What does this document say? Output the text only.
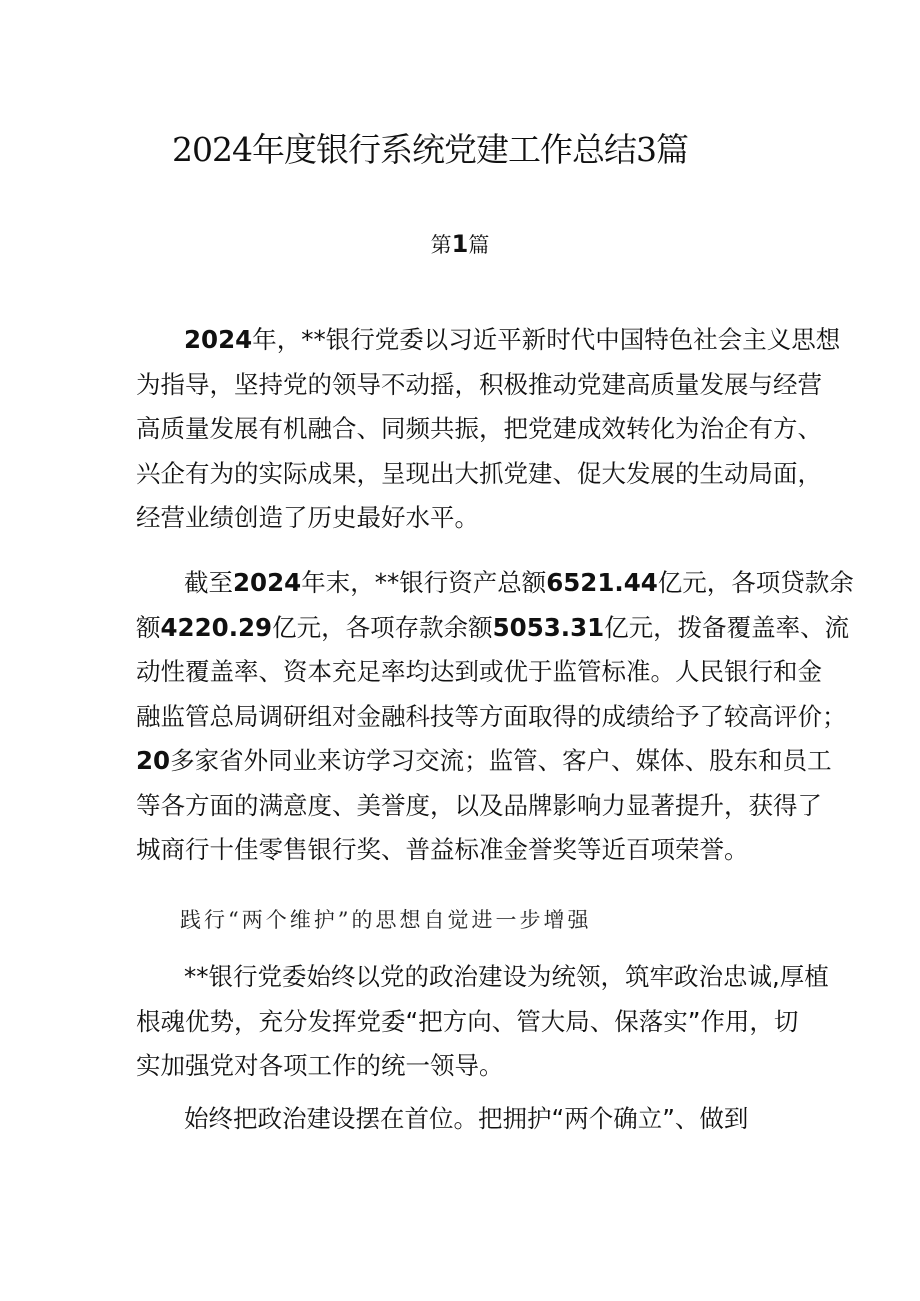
2024年度银行系统党建工作总结3篇
第1篇
2024年，**银行党委以习近平新时代中国特色社会主义思想
为指导，坚持党的领导不动摇，积极推动党建高质量发展与经营
高质量发展有机融合、同频共振，把党建成效转化为治企有方、
兴企有为的实际成果，呈现出大抓党建、促大发展的生动局面，
经营业绩创造了历史最好水平。
截至2024年末，**银行资产总额6521.44亿元，各项贷款余
额4220.29亿元，各项存款余额5053.31亿元，拨备覆盖率、流
动性覆盖率、资本充足率均达到或优于监管标准。人民银行和金
融监管总局调研组对金融科技等方面取得的成绩给予了较高评价；
20多家省外同业来访学习交流；监管、客户、媒体、股东和员工
等各方面的满意度、美誉度，以及品牌影响力显著提升，获得了
城商行十佳零售银行奖、普益标准金誉奖等近百项荣誉。
践行“两个维护”的思想自觉进一步增强
**银行党委始终以党的政治建设为统领，筑牢政治忠诚,厚植
根魂优势，充分发挥党委“把方向、管大局、保落实”作用，切
实加强党对各项工作的统一领导。
始终把政治建设摆在首位。把拥护“两个确立”、做到
